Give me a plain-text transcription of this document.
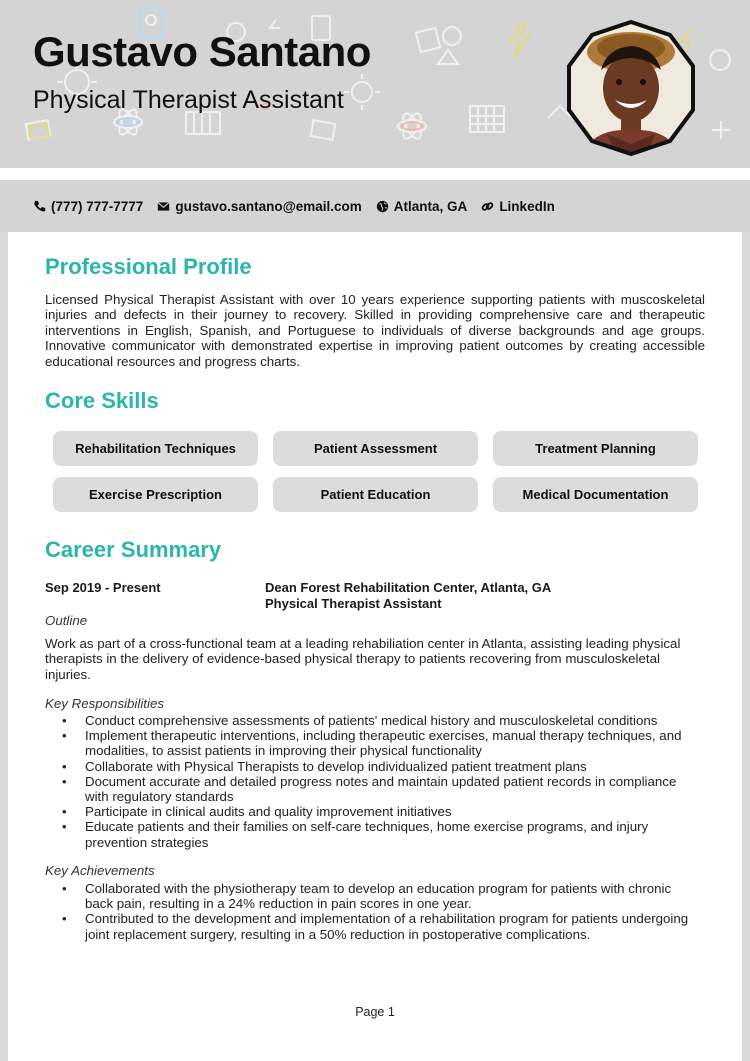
Gustavo Santano
Physical Therapist Assistant
(777) 777-7777 gustavo.santano@email.com Atlanta, GA LinkedIn
Professional Profile
Licensed Physical Therapist Assistant with over 10 years experience supporting patients with muscoskeletal injuries and defects in their journey to recovery. Skilled in providing comprehensive care and therapeutic interventions in English, Spanish, and Portuguese to individuals of diverse backgrounds and age groups. Innovative communicator with demonstrated expertise in improving patient outcomes by creating accessible educational resources and progress charts.
Core Skills
Rehabilitation Techniques	Patient Assessment	Treatment Planning
Exercise Prescription	Patient Education	Medical Documentation
Career Summary
Sep 2019 - Present	Dean Forest Rehabilitation Center, Atlanta, GA
Physical Therapist Assistant
Outline
Work as part of a cross-functional team at a leading rehabiliation center in Atlanta, assisting leading physical therapists in the delivery of evidence-based physical therapy to patients recovering from musculoskeletal injuries.
Key Responsibilities
• Conduct comprehensive assessments of patients' medical history and musculoskeletal conditions
• Implement therapeutic interventions, including therapeutic exercises, manual therapy techniques, and modalities, to assist patients in improving their physical functionality
• Collaborate with Physical Therapists to develop individualized patient treatment plans
• Document accurate and detailed progress notes and maintain updated patient records in compliance with regulatory standards
• Participate in clinical audits and quality improvement initiatives
• Educate patients and their families on self-care techniques, home exercise programs, and injury prevention strategies
Key Achievements
• Collaborated with the physiotherapy team to develop an education program for patients with chronic back pain, resulting in a 24% reduction in pain scores in one year.
• Contributed to the development and implementation of a rehabilitation program for patients undergoing joint replacement surgery, resulting in a 50% reduction in postoperative complications.
Page 1
